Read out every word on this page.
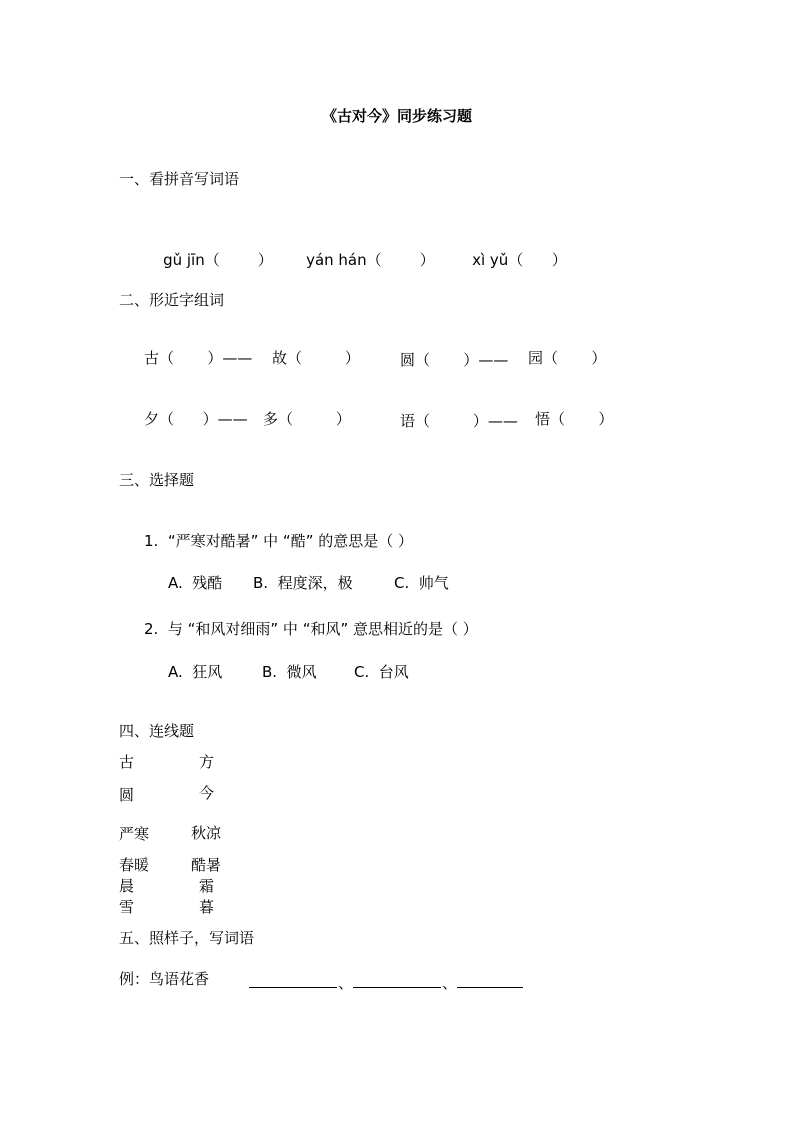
《古对今》同步练习题
一、看拼音写词语

gǔ jīn（        ）
	yán hán（        ）
	xì yǔ（      ）

二、形近字组词
古（       ）—— 故（         ）	圆（       ）—— 园（       ）
夕（      ）—— 多（         ）	语（         ）—— 悟（       ）
三、选择题
1.  “严寒对酷暑” 中 “酷” 的意思是（ ）
A.  残酷 B.  程度深，极	C.  帅气
2.  与 “和风对细雨” 中 “和风” 意思相近的是（ ）
A.  狂风	B.  微风 C.  台风
四、连线题
古	方
圆	今
严寒	秋凉
春暖	酷暑
晨	霜
雪	暮
五、照样子，写词语
例：鸟语花香	、	、
